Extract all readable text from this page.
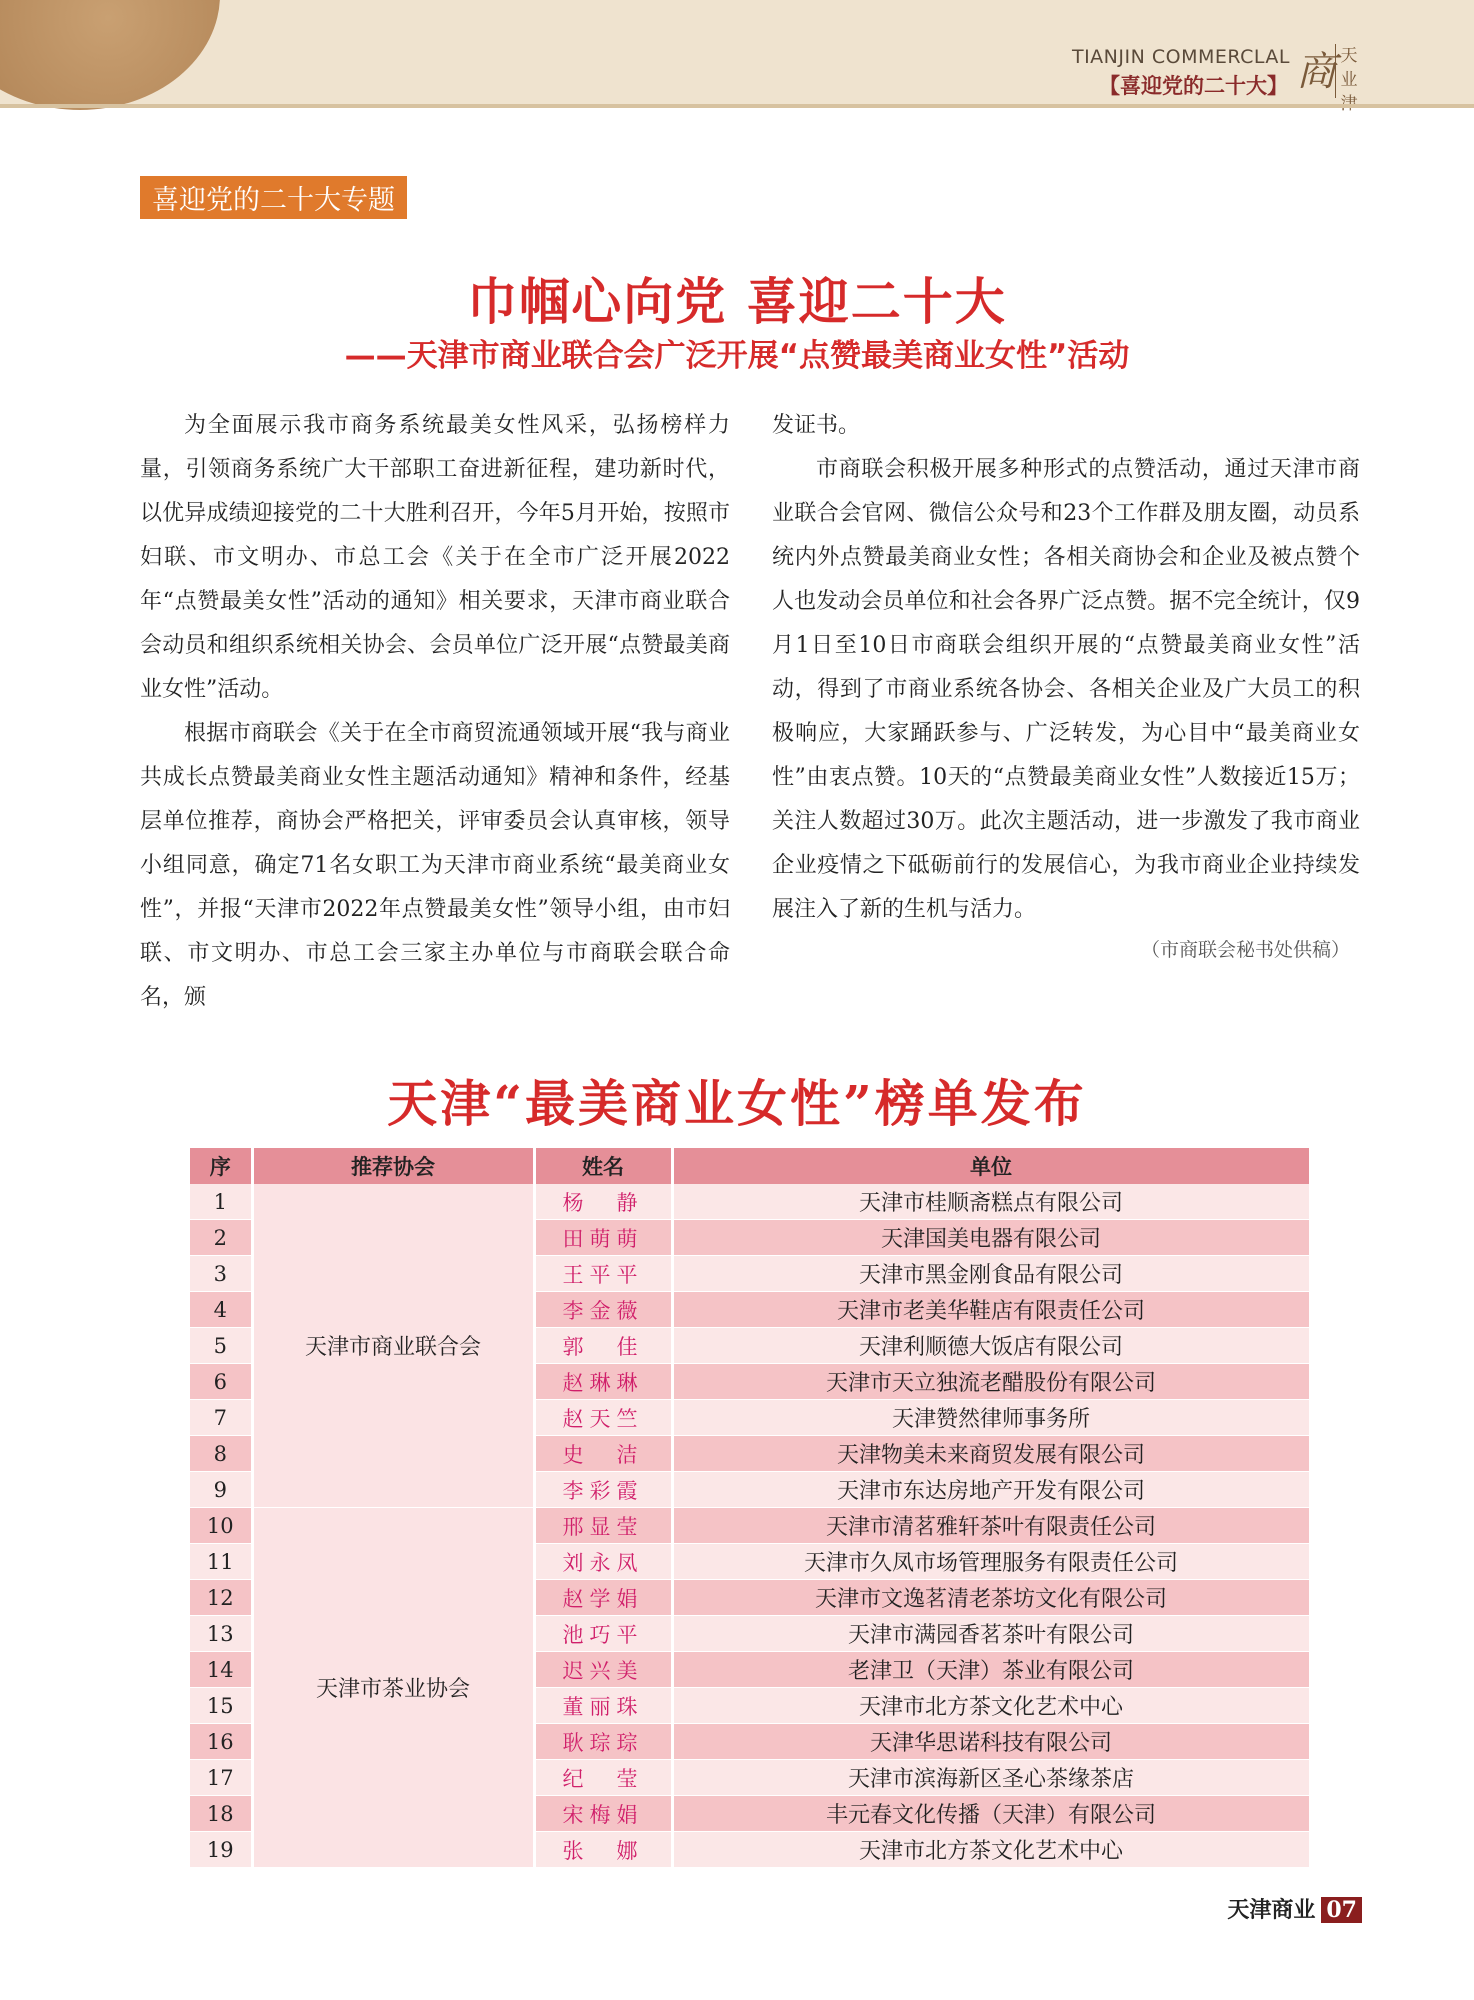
TIANJIN COMMERCLAL
【喜迎党的二十大】 商 天 业
喜迎党的二十大专题
巾帼心向党 喜迎二十大
——天津市商业联合会广泛开展“点赞最美商业女性”活动

为全面展示我市商务系统最美女性风采，弘扬榜样力量，引领商务系统广大干部职工奋进新征程，建功新时代，以优异成绩迎接党的二十大胜利召开，今年5月开始，按照市妇联、市文明办、市总工会《关于在全市广泛开展2022年“点赞最美女性”活动的通知》相关要求，天津市商业联合会动员和组织系统相关协会、会员单位广泛开展“点赞最美商业女性”活动。

根据市商联会《关于在全市商贸流通领域开展“我与商业共成长点赞最美商业女性主题活动通知》精神和条件，经基层单位推荐，商协会严格把关，评审委员会认真审核，领导小组同意，确定71名女职工为天津市商业系统“最美商业女性”，并报“天津市2022年点赞最美女性”领导小组，由市妇联、市文明办、市总工会三家主办单位与市商联会联合命名，颁

发证书。

市商联会积极开展多种形式的点赞活动，通过天津市商业联合会官网、微信公众号和23个工作群及朋友圈，动员系统内外点赞最美商业女性；各相关商协会和企业及被点赞个人也发动会员单位和社会各界广泛点赞。据不完全统计，仅9月1日至10日市商联会组织开展的“点赞最美商业女性”活动，得到了市商业系统各协会、各相关企业及广大员工的积极响应，大家踊跃参与、广泛转发，为心目中“最美商业女性”由衷点赞。10天的“点赞最美商业女性”人数接近15万；关注人数超过30万。此次主题活动，进一步激发了我市商业企业疫情之下砥砺前行的发展信心，为我市商业企业持续发展注入了新的生机与活力。

（市商联会秘书处供稿）

天津“最美商业女性”榜单发布
序	推荐协会	姓名	单位
1	天津市商业联合会	杨　静	天津市桂顺斋糕点有限公司
2		田萌萌	天津国美电器有限公司
3		王平平	天津市黑金刚食品有限公司
4		李金薇	天津市老美华鞋店有限责任公司
5		郭　佳	天津利顺德大饭店有限公司
6		赵琳琳	天津市天立独流老醋股份有限公司
7		赵天竺	天津赞然律师事务所
8		史　洁	天津物美未来商贸发展有限公司
9		李彩霞	天津市东达房地产开发有限公司
10	天津市茶业协会	邢显莹	天津市清茗雅轩茶叶有限责任公司
11		刘永凤	天津市久凤市场管理服务有限责任公司
12		赵学娟	天津市文逸茗清老茶坊文化有限公司
13		池巧平	天津市满园香茗茶叶有限公司
14		迟兴美	老津卫（天津）茶业有限公司
15		董丽珠	天津市北方茶文化艺术中心
16		耿琮琮	天津华思诺科技有限公司
17		纪　莹	天津市滨海新区圣心茶缘茶店
18		宋梅娟	丰元春文化传播（天津）有限公司
19		张　娜	天津市北方茶文化艺术中心
天津商业 07
